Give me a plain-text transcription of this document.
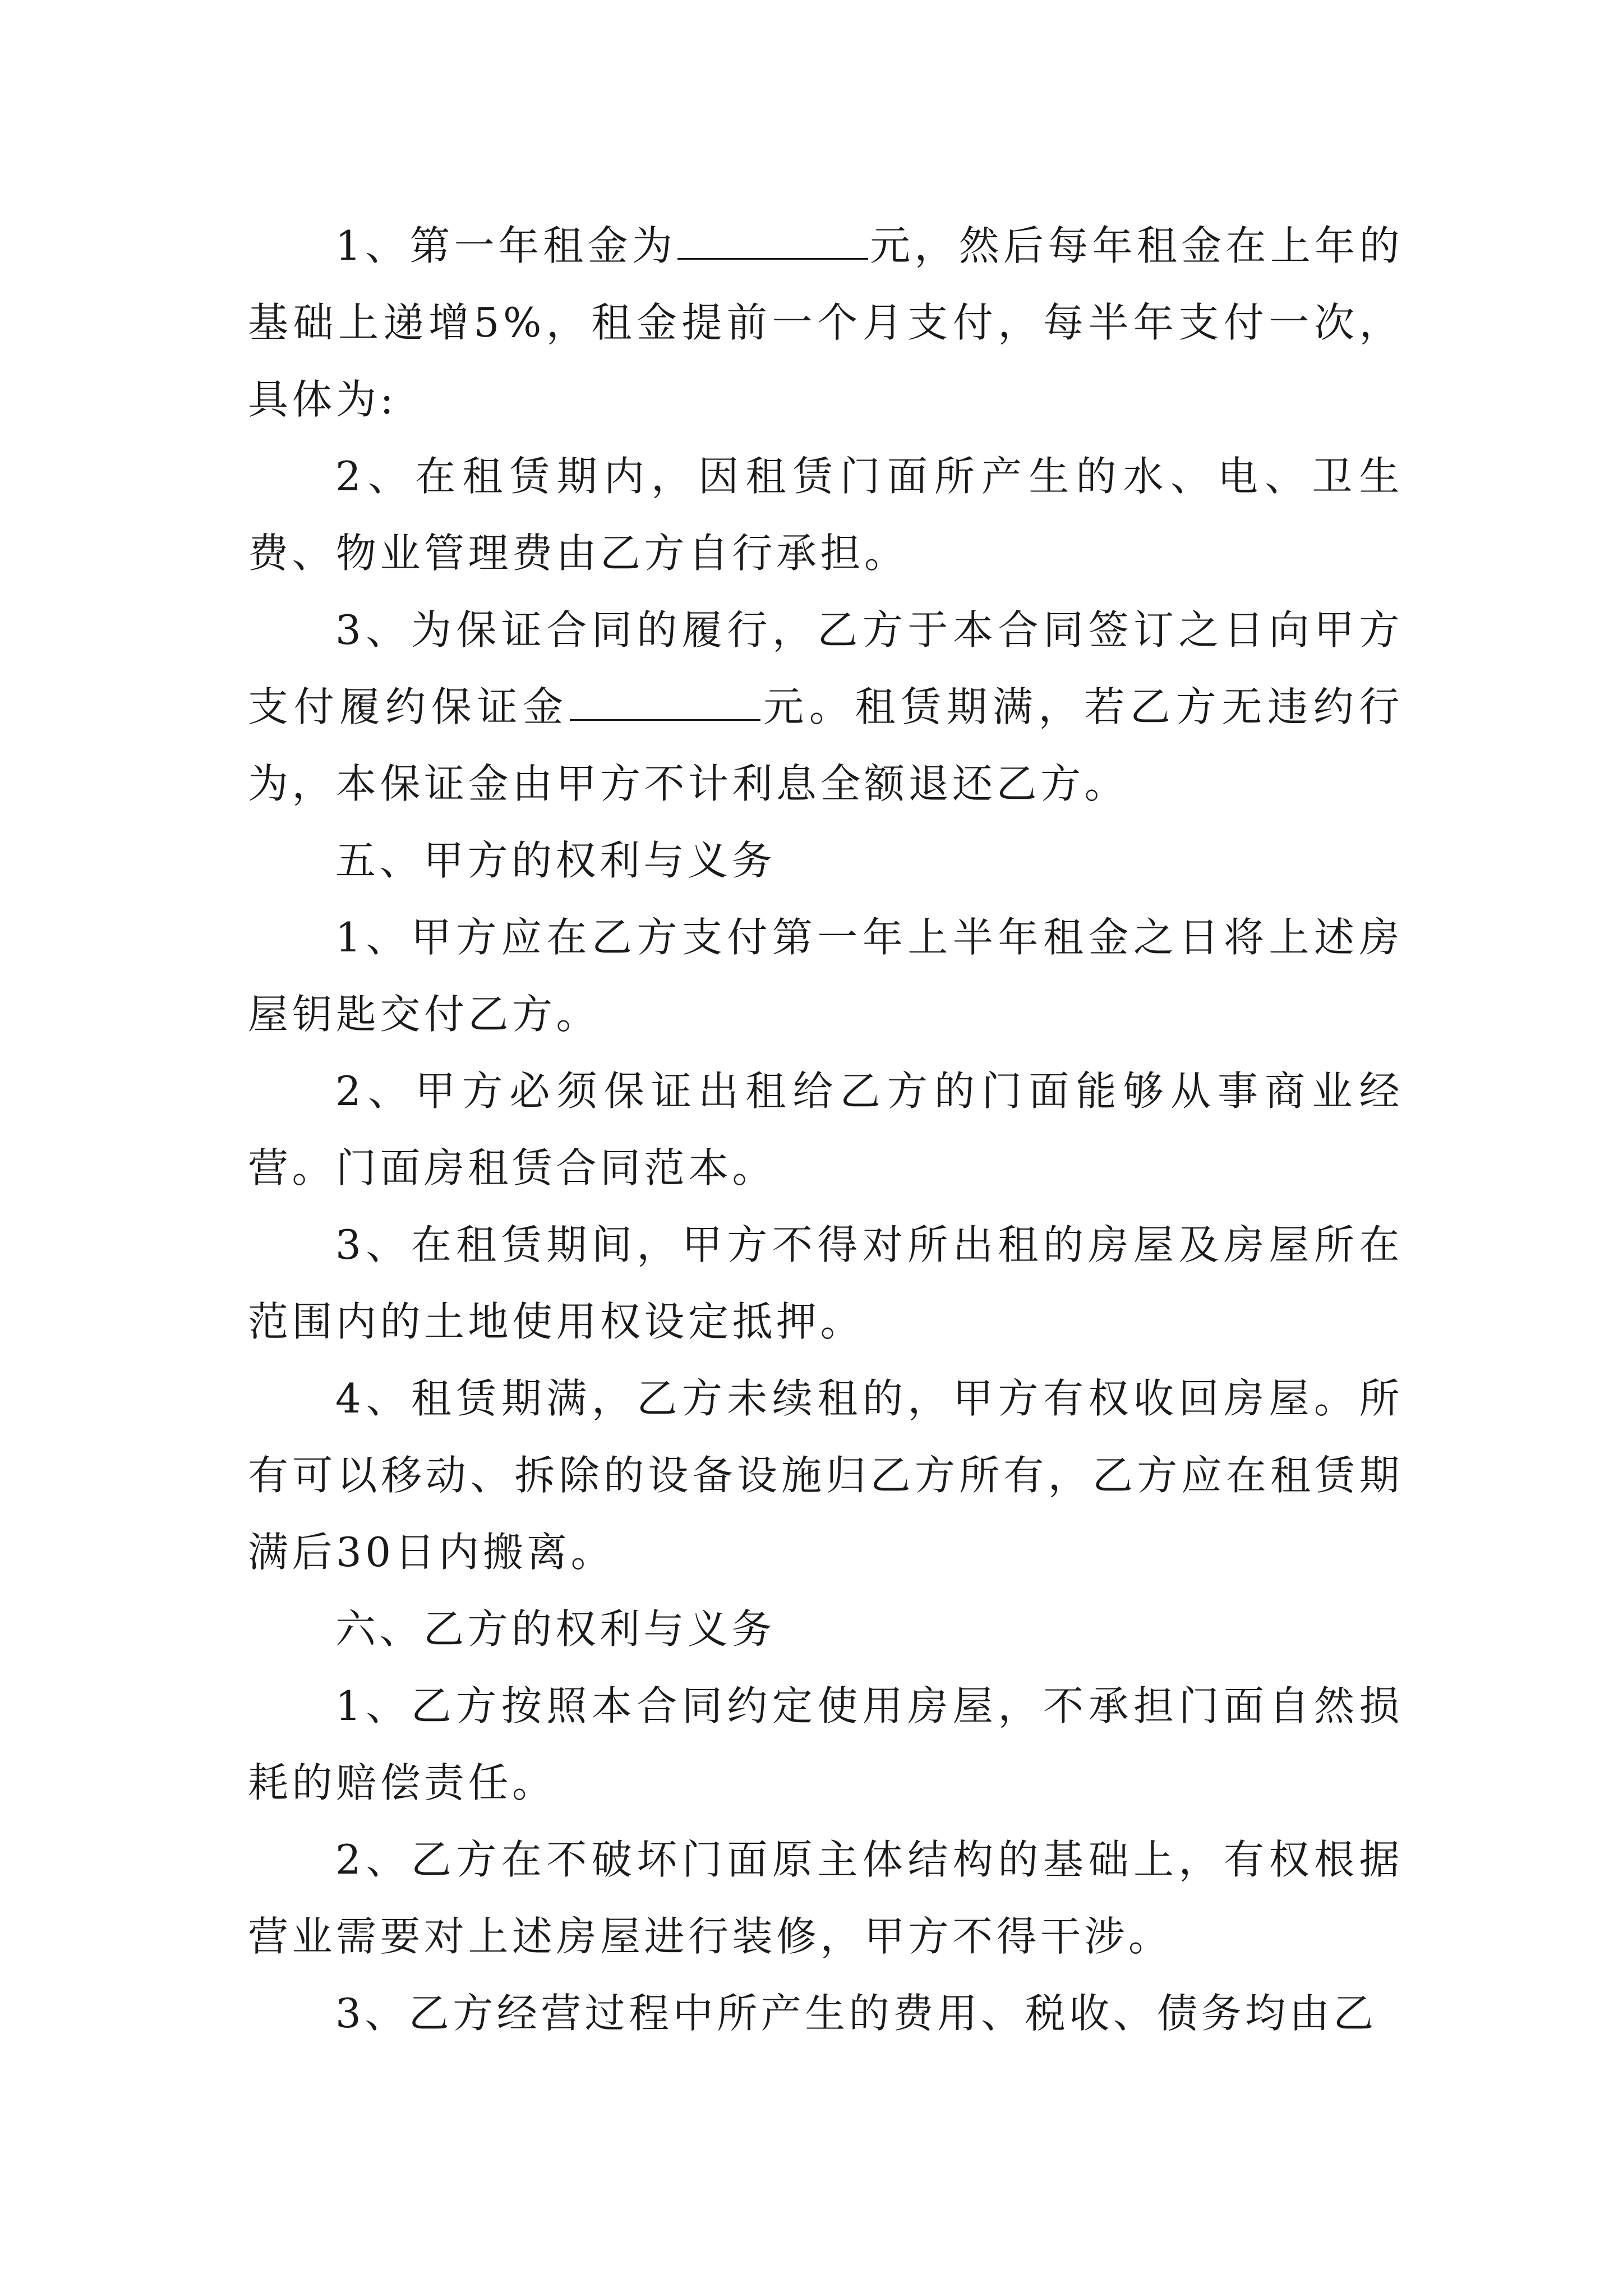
1、第一年租金为	元，然后每年租金在上年的基础上递增5%，租金提前一个月支付，每半年支付一次，具体为:

2、在租赁期内，因租赁门面所产生的水、电、卫生费、物业管理费由乙方自行承担。

3、为保证合同的履行，乙方于本合同签订之日向甲方支付履约保证金	元。租赁期满，若乙方无违约行为，本保证金由甲方不计利息全额退还乙方。

五、甲方的权利与义务

1、甲方应在乙方支付第一年上半年租金之日将上述房屋钥匙交付乙方。

2、甲方必须保证出租给乙方的门面能够从事商业经营。门面房租赁合同范本。

3、在租赁期间，甲方不得对所出租的房屋及房屋所在范围内的土地使用权设定抵押。

4、租赁期满，乙方未续租的，甲方有权收回房屋。所有可以移动、拆除的设备设施归乙方所有，乙方应在租赁期满后30日内搬离。

六、乙方的权利与义务

1、乙方按照本合同约定使用房屋，不承担门面自然损耗的赔偿责任。

2、乙方在不破坏门面原主体结构的基础上，有权根据营业需要对上述房屋进行装修，甲方不得干涉。

3、乙方经营过程中所产生的费用、税收、债务均由乙
